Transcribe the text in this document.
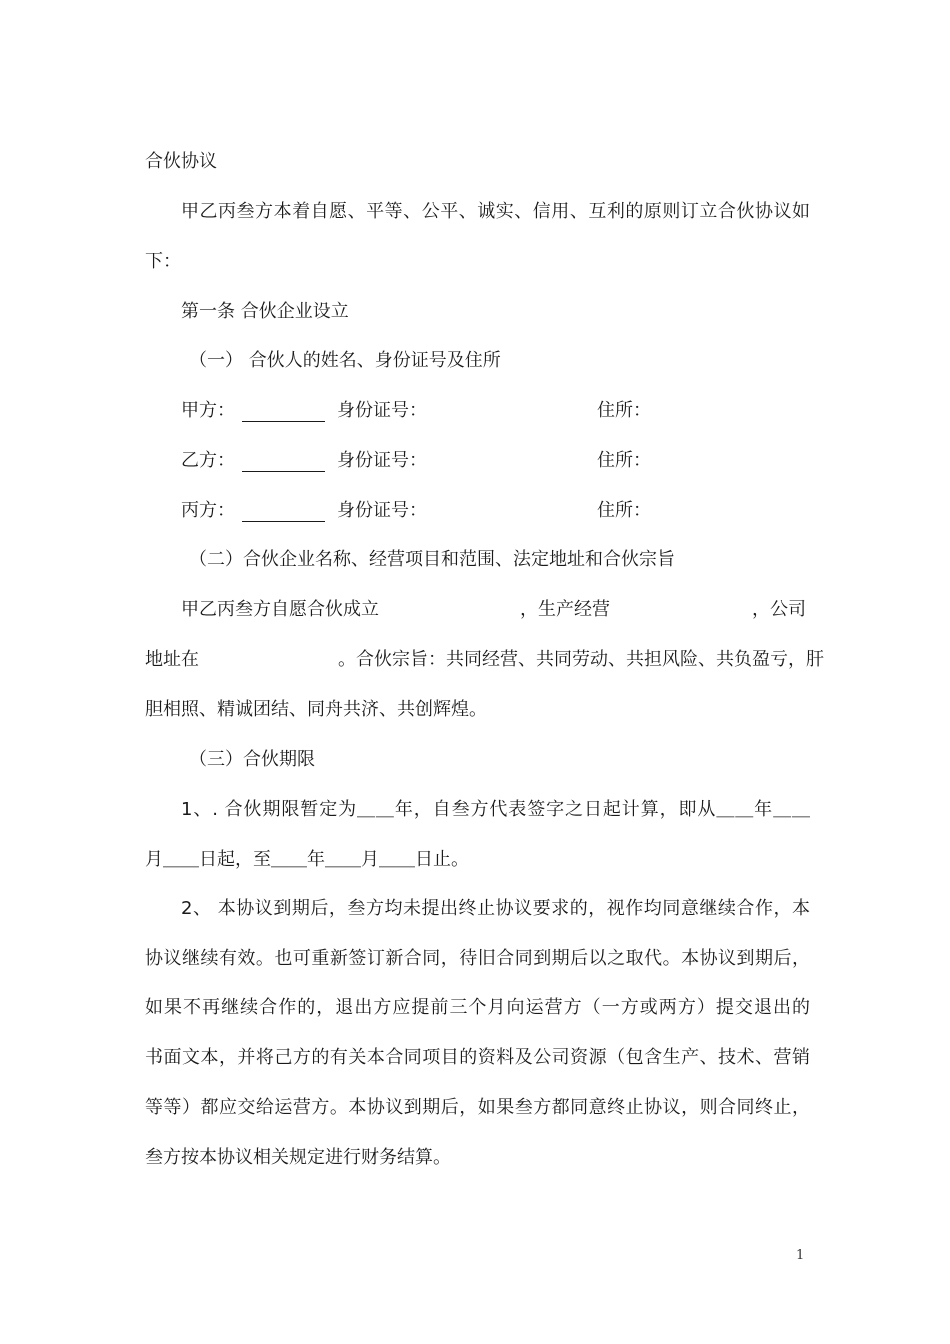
合伙协议
甲乙丙叁方本着自愿、平等、公平、诚实、信用、互利的原则订立合伙协议如
下：
第一条 合伙企业设立
（一） 合伙人的姓名、身份证号及住所
甲方：	身份证号：	住所：
乙方：	身份证号：	住所：
丙方：	身份证号：	住所：
（二）合伙企业名称、经营项目和范围、法定地址和合伙宗旨
甲乙丙叁方自愿合伙成立	，生产经营	，公司
地址在	。合伙宗旨：共同经营、共同劳动、共担风险、共负盈亏，肝
胆相照、精诚团结、同舟共济、共创辉煌。
（三）合伙期限
1、. 合伙期限暂定为＿＿年，自叁方代表签字之日起计算，即从＿＿年＿＿
月＿＿日起，至＿＿年＿＿月＿＿日止。
2、 本协议到期后，叁方均未提出终止协议要求的，视作均同意继续合作，本
协议继续有效。也可重新签订新合同，待旧合同到期后以之取代。本协议到期后，
如果不再继续合作的，退出方应提前三个月向运营方（一方或两方）提交退出的
书面文本，并将己方的有关本合同项目的资料及公司资源（包含生产、技术、营销
等等）都应交给运营方。本协议到期后，如果叁方都同意终止协议，则合同终止，
叁方按本协议相关规定进行财务结算。
1
